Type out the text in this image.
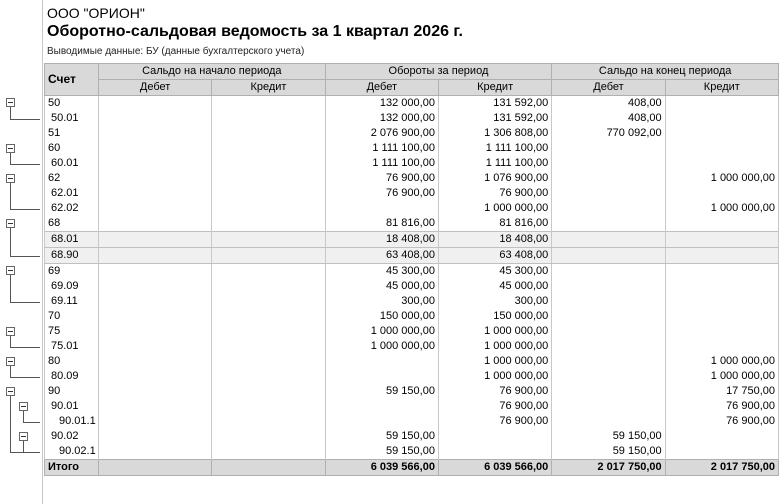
ООО "ОРИОН"
Оборотно-сальдовая ведомость за 1 квартал 2026 г.
Выводимые данные: БУ (данные бухгалтерского учета)
Счет	Сальдо на начало периода		Обороты за период		Сальдо на конец периода	
	Дебет	Кредит	Дебет	Кредит	Дебет	Кредит
50			132 000,00	131 592,00	408,00	
50.01			132 000,00	131 592,00	408,00	
51			2 076 900,00	1 306 808,00	770 092,00	
60			1 111 100,00	1 111 100,00		
60.01			1 111 100,00	1 111 100,00		
62			76 900,00	1 076 900,00		1 000 000,00
62.01			76 900,00	76 900,00		
62.02				1 000 000,00		1 000 000,00
68			81 816,00	81 816,00		
68.01			18 408,00	18 408,00		
68.90			63 408,00	63 408,00		
69			45 300,00	45 300,00		
69.09			45 000,00	45 000,00		
69.11			300,00	300,00		
70			150 000,00	150 000,00		
75			1 000 000,00	1 000 000,00		
75.01			1 000 000,00	1 000 000,00		
80				1 000 000,00		1 000 000,00
80.09				1 000 000,00		1 000 000,00
90			59 150,00	76 900,00		17 750,00
90.01				76 900,00		76 900,00
90.01.1				76 900,00		76 900,00
90.02			59 150,00		59 150,00	
90.02.1			59 150,00		59 150,00	
Итого			6 039 566,00	6 039 566,00	2 017 750,00	2 017 750,00
